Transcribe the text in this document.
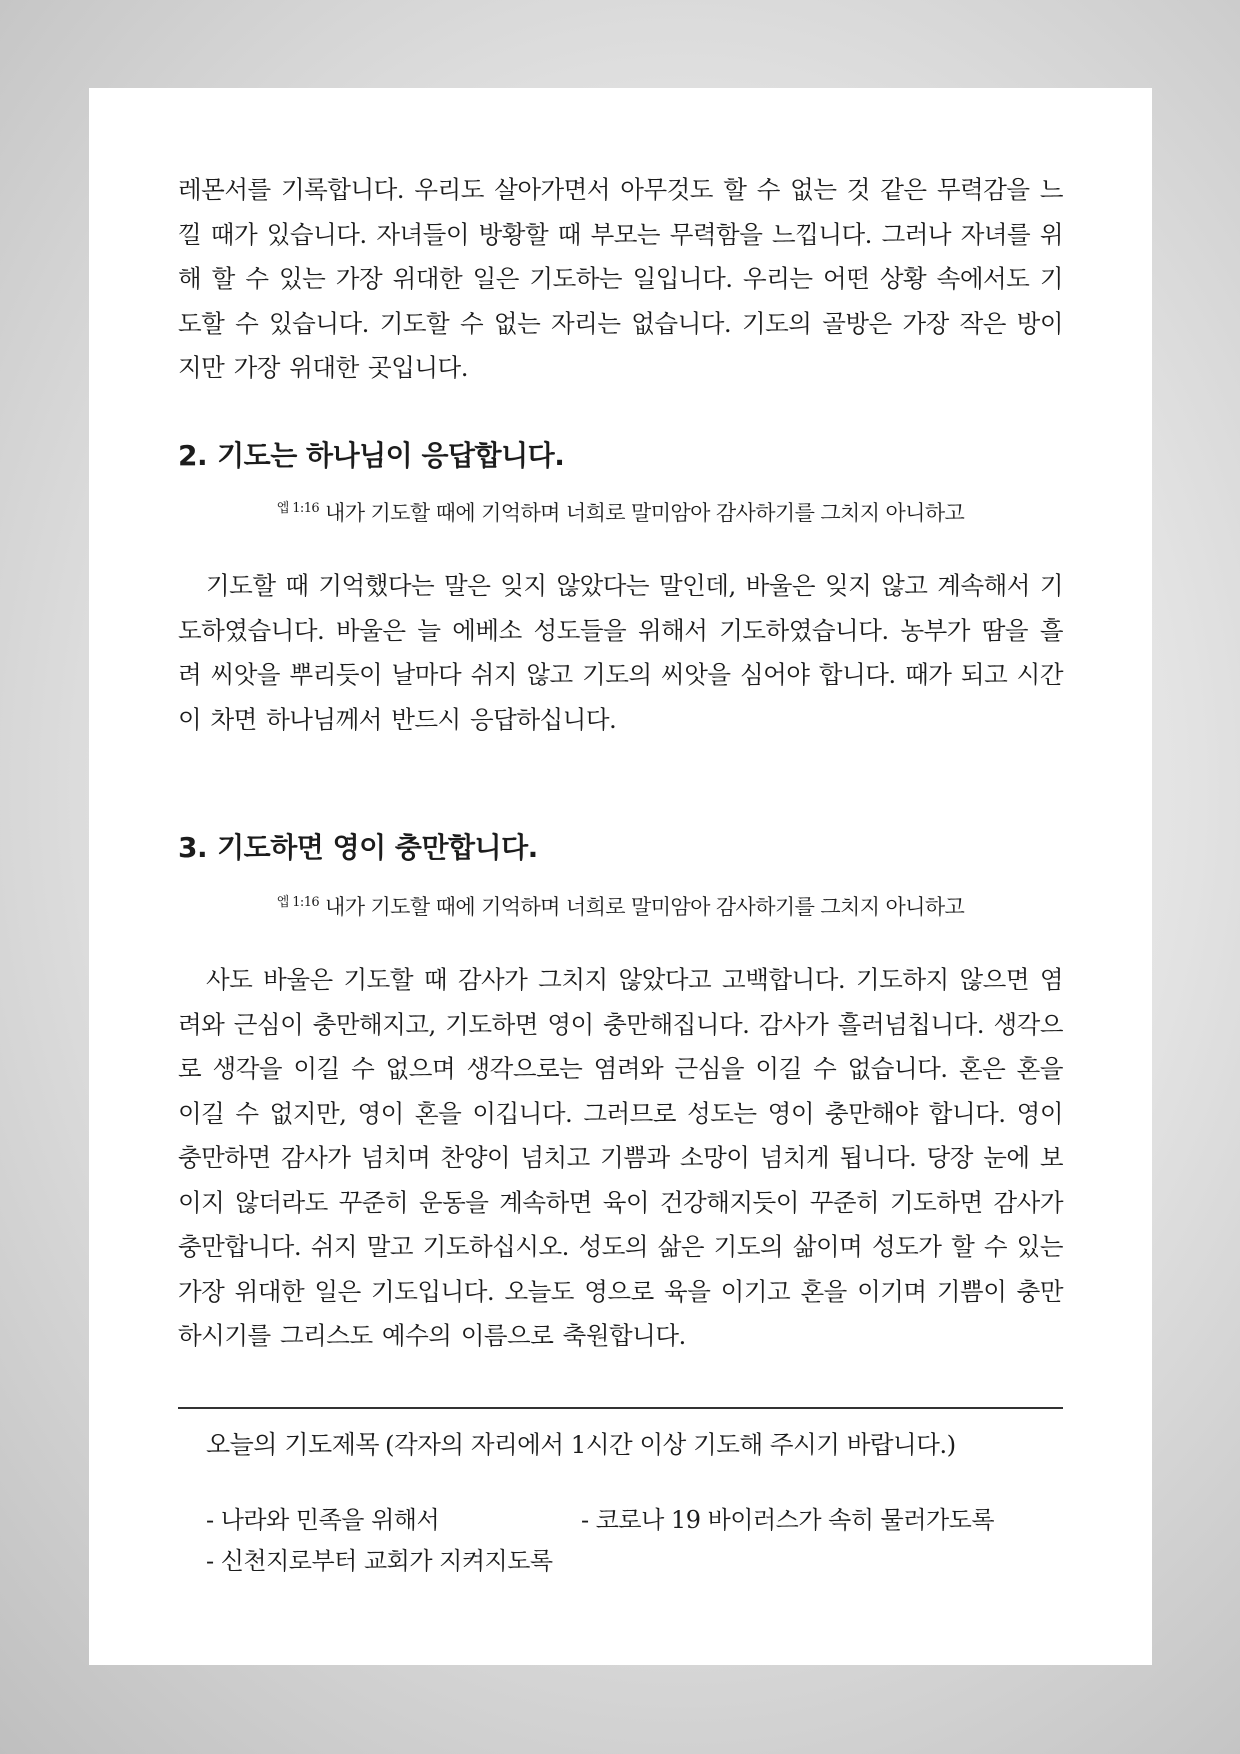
레몬서를 기록합니다. 우리도 살아가면서 아무것도 할 수 없는 것 같은 무력감을 느낄 때가 있습니다. 자녀들이 방황할 때 부모는 무력함을 느낍니다. 그러나 자녀를 위해 할 수 있는 가장 위대한 일은 기도하는 일입니다. 우리는 어떤 상황 속에서도 기도할 수 있습니다. 기도할 수 없는 자리는 없습니다. 기도의 골방은 가장 작은 방이지만 가장 위대한 곳입니다.

2. 기도는 하나님이 응답합니다.
$^{엡 1:16}$ 내가 기도할 때에 기억하며 너희로 말미암아 감사하기를 그치지 아니하고

기도할 때 기억했다는 말은 잊지 않았다는 말인데, 바울은 잊지 않고 계속해서 기도하였습니다. 바울은 늘 에베소 성도들을 위해서 기도하였습니다. 농부가 땀을 흘려 씨앗을 뿌리듯이 날마다 쉬지 않고 기도의 씨앗을 심어야 합니다. 때가 되고 시간이 차면 하나님께서 반드시 응답하십니다.

3. 기도하면 영이 충만합니다.
$^{엡 1:16}$ 내가 기도할 때에 기억하며 너희로 말미암아 감사하기를 그치지 아니하고

사도 바울은 기도할 때 감사가 그치지 않았다고 고백합니다. 기도하지 않으면 염려와 근심이 충만해지고, 기도하면 영이 충만해집니다. 감사가 흘러넘칩니다. 생각으로 생각을 이길 수 없으며 생각으로는 염려와 근심을 이길 수 없습니다. 혼은 혼을 이길 수 없지만, 영이 혼을 이깁니다. 그러므로 성도는 영이 충만해야 합니다. 영이 충만하면 감사가 넘치며 찬양이 넘치고 기쁨과 소망이 넘치게 됩니다. 당장 눈에 보이지 않더라도 꾸준히 운동을 계속하면 육이 건강해지듯이 꾸준히 기도하면 감사가 충만합니다. 쉬지 말고 기도하십시오. 성도의 삶은 기도의 삶이며 성도가 할 수 있는 가장 위대한 일은 기도입니다. 오늘도 영으로 육을 이기고 혼을 이기며 기쁨이 충만하시기를 그리스도 예수의 이름으로 축원합니다.

오늘의 기도제목 (각자의 자리에서 1시간 이상 기도해 주시기 바랍니다.)
- 나라와 민족을 위해서	- 코로나 19 바이러스가 속히 물러가도록- 신천지로부터 교회가 지켜지도록
